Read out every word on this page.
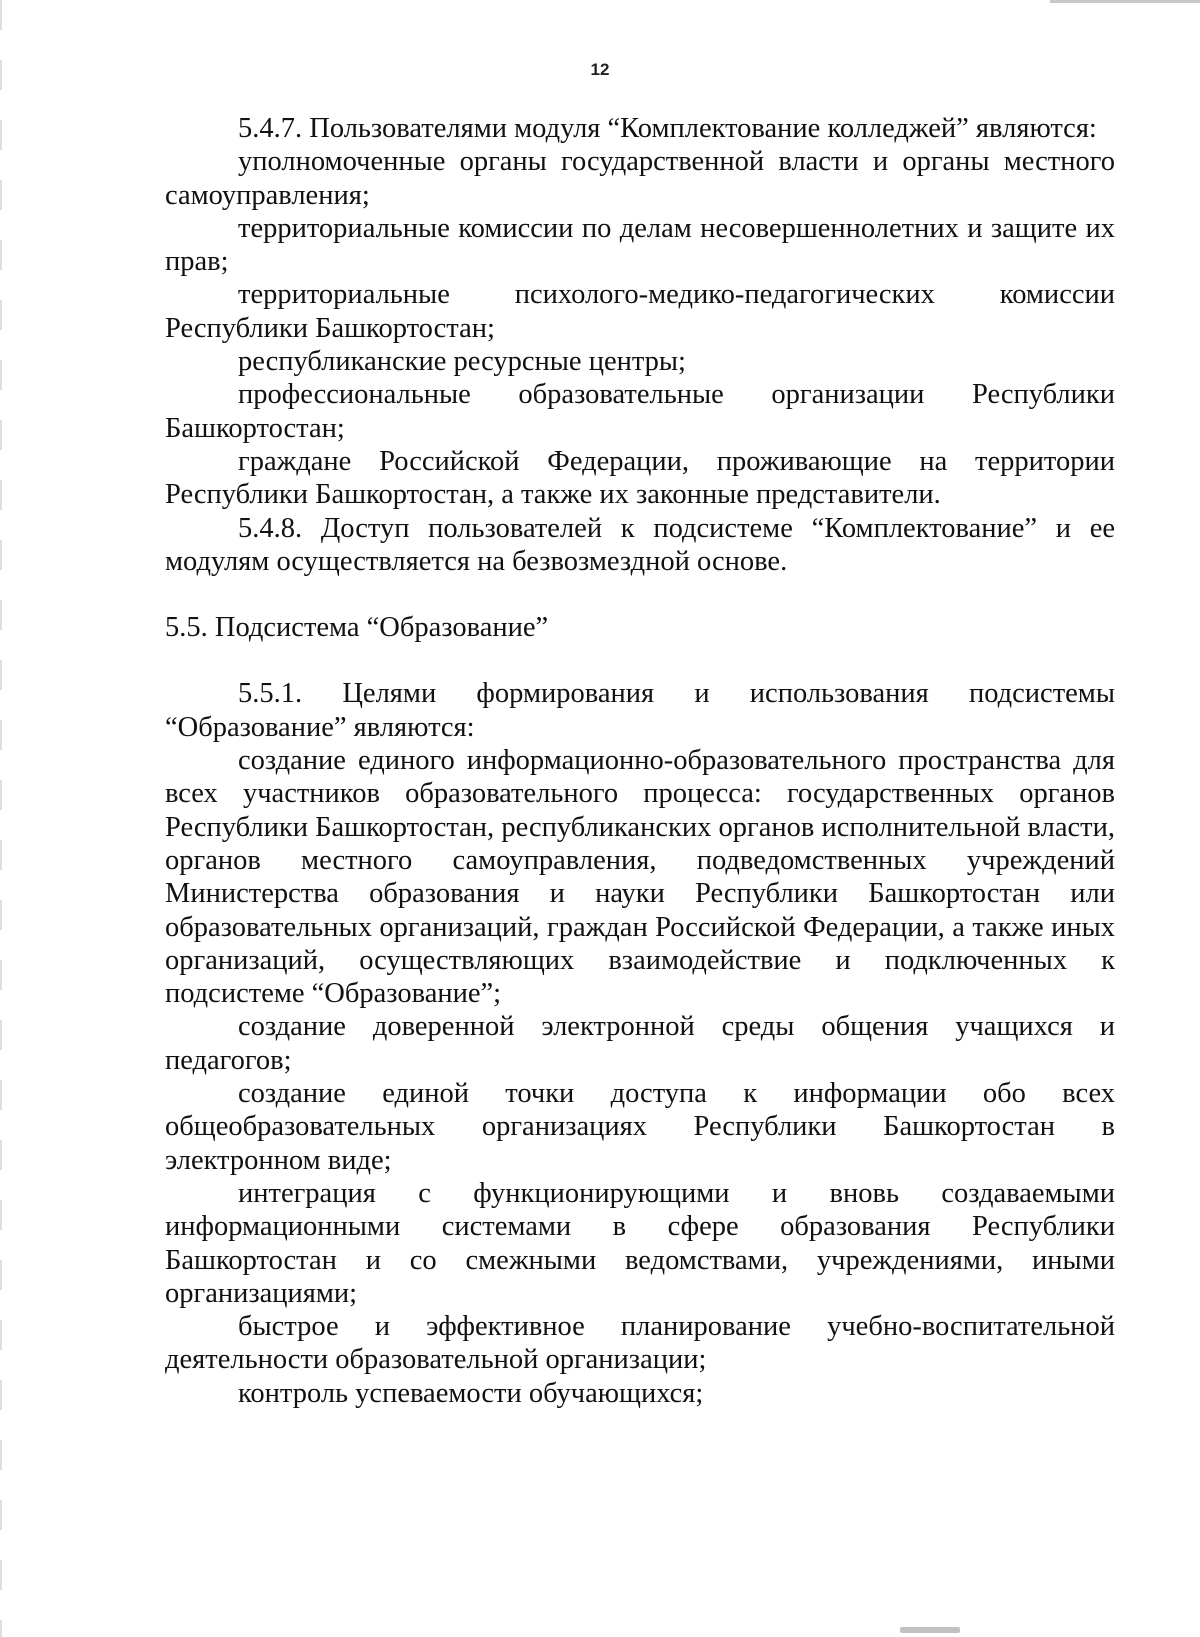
12

5.4.7. Пользователями модуля “Комплектование колледжей” являются:

уполномоченные органы государственной власти и органы местного самоуправления;

территориальные комиссии по делам несовершеннолетних и защите их прав;

территориальные психолого-медико-педагогических комиссии Республики Башкортостан;

республиканские ресурсные центры;

профессиональные образовательные организации Республики Башкортостан;

граждане Российской Федерации, проживающие на территории Республики Башкортостан, а также их законные представители.

5.4.8. Доступ пользователей к подсистеме “Комплектование” и ее модулям осуществляется на безвозмездной основе.

5.5. Подсистема “Образование”

5.5.1. Целями формирования и использования подсистемы “Образование” являются:

создание единого информационно-образовательного пространства для всех участников образовательного процесса: государственных органов Республики Башкортостан, республиканских органов исполнительной власти, органов местного самоуправления, подведомственных учреждений Министерства образования и науки Республики Башкортостан или образовательных организаций, граждан Российской Федерации, а также иных организаций, осуществляющих взаимодействие и подключенных к подсистеме “Образование”;

создание доверенной электронной среды общения учащихся и педагогов;

создание единой точки доступа к информации обо всех общеобразовательных организациях Республики Башкортостан в электронном виде;

интеграция с функционирующими и вновь создаваемыми информационными системами в сфере образования Республики Башкортостан и со смежными ведомствами, учреждениями, иными организациями;

быстрое и эффективное планирование учебно-воспитательной деятельности образовательной организации;

контроль успеваемости обучающихся;
